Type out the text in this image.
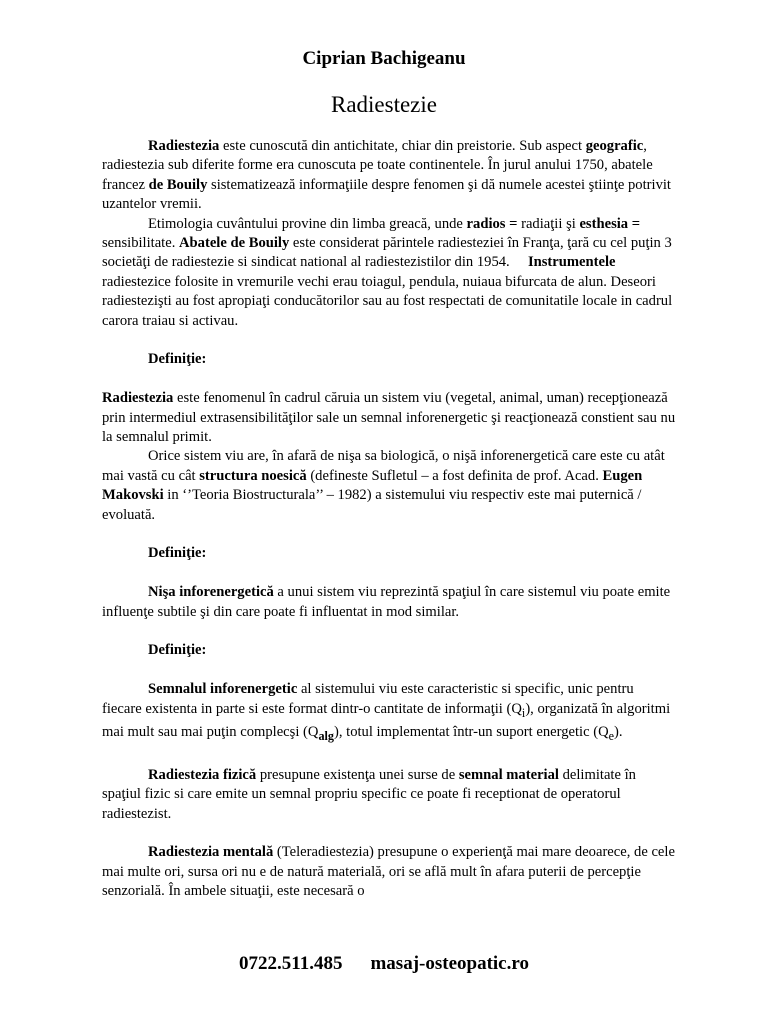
Ciprian Bachigeanu
Radiestezie

Radiestezia este cunoscută din antichitate, chiar din preistorie. Sub aspect geografic, radiestezia sub diferite forme era cunoscuta pe toate continentele. În jurul anului 1750, abatele francez de Bouily sistematizează informaţiile despre fenomen şi dă numele acestei ştiinţe potrivit uzantelor vremii.

Etimologia cuvântului provine din limba greacă, unde radios = radiaţii şi esthesia = sensibilitate. Abatele de Bouily este considerat părintele radiesteziei în Franţa, ţară cu cel puţin 3 societăţi de radiestezie si sindicat national al radiestezistilor din 1954.     Instrumentele radiestezice folosite in vremurile vechi erau toiagul, pendula, nuiaua bifurcata de alun. Deseori radiestezişti au fost apropiaţi conducătorilor sau au fost respectati de comunitatile locale in cadrul carora traiau si activau.

Definiţie:

Radiestezia este fenomenul în cadrul căruia un sistem viu (vegetal, animal, uman) recepţionează prin intermediul extrasensibilităţilor sale un semnal inforenergetic şi reacţionează constient sau nu la semnalul primit.

Orice sistem viu are, în afară de nişa sa biologică, o nişă inforenergetică care este cu atât mai vastă cu cât structura noesică (defineste Sufletul – a fost definita de prof. Acad. Eugen Makovski in ‘’Teoria Biostructurala’’ – 1982) a sistemului viu respectiv este mai puternică / evoluată.

Definiţie:

Nişa inforenergetică a unui sistem viu reprezintă spaţiul în care sistemul viu poate emite influenţe subtile şi din care poate fi influentat in mod similar.

Definiţie:

Semnalul inforenergetic al sistemului viu este caracteristic si specific, unic pentru fiecare existenta in parte si este format dintr-o cantitate de informaţii $(Q_i)$, organizată în algoritmi mai mult sau mai puţin complecşi $(Q_{alg})$, totul implementat într-un suport energetic $(Q_e)$.

Radiestezia fizică presupune existenţa unei surse de semnal material delimitate în spaţiul fizic si care emite un semnal propriu specific ce poate fi receptionat de operatorul radiestezist.

Radiestezia mentală (Teleradiestezia) presupune o experienţă mai mare deoarece, de cele mai multe ori, sursa ori nu e de natură materială, ori se află mult în afara puterii de percepţie senzorială. În ambele situaţii, este necesară o

0722.511.485 masaj-osteopatic.ro
